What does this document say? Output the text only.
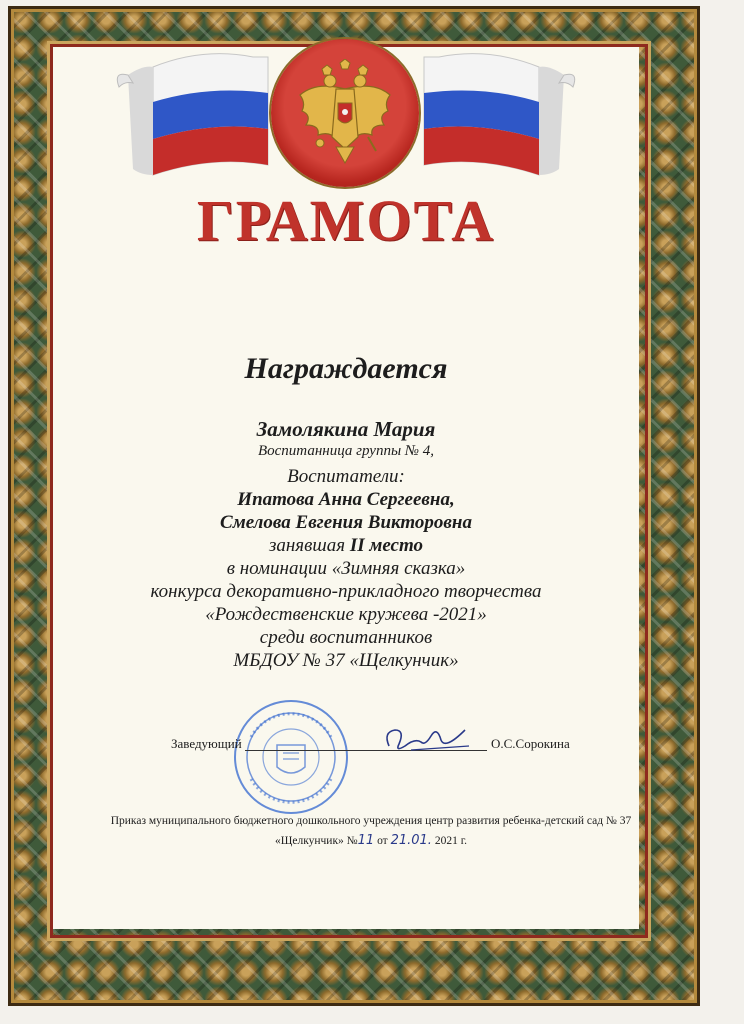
ГРАМОТА
Награждается
Замолякина Мария
Воспитанница группы № 4,
Воспитатели:
Ипатова Анна Сергеевна,
Смелова Евгения Викторовна
занявшая II место
в номинации «Зимняя сказка»
конкурса декоративно-прикладного творчества
«Рождественские кружева -2021»
среди воспитанников
МБДОУ № 37 «Щелкунчик»
Заведующий	О.С.Сорокина
Приказ муниципального бюджетного дошкольного учреждения центр развития ребенка-детский сад № 37
«Щелкунчик» №11 от 21.01. 2021 г.
